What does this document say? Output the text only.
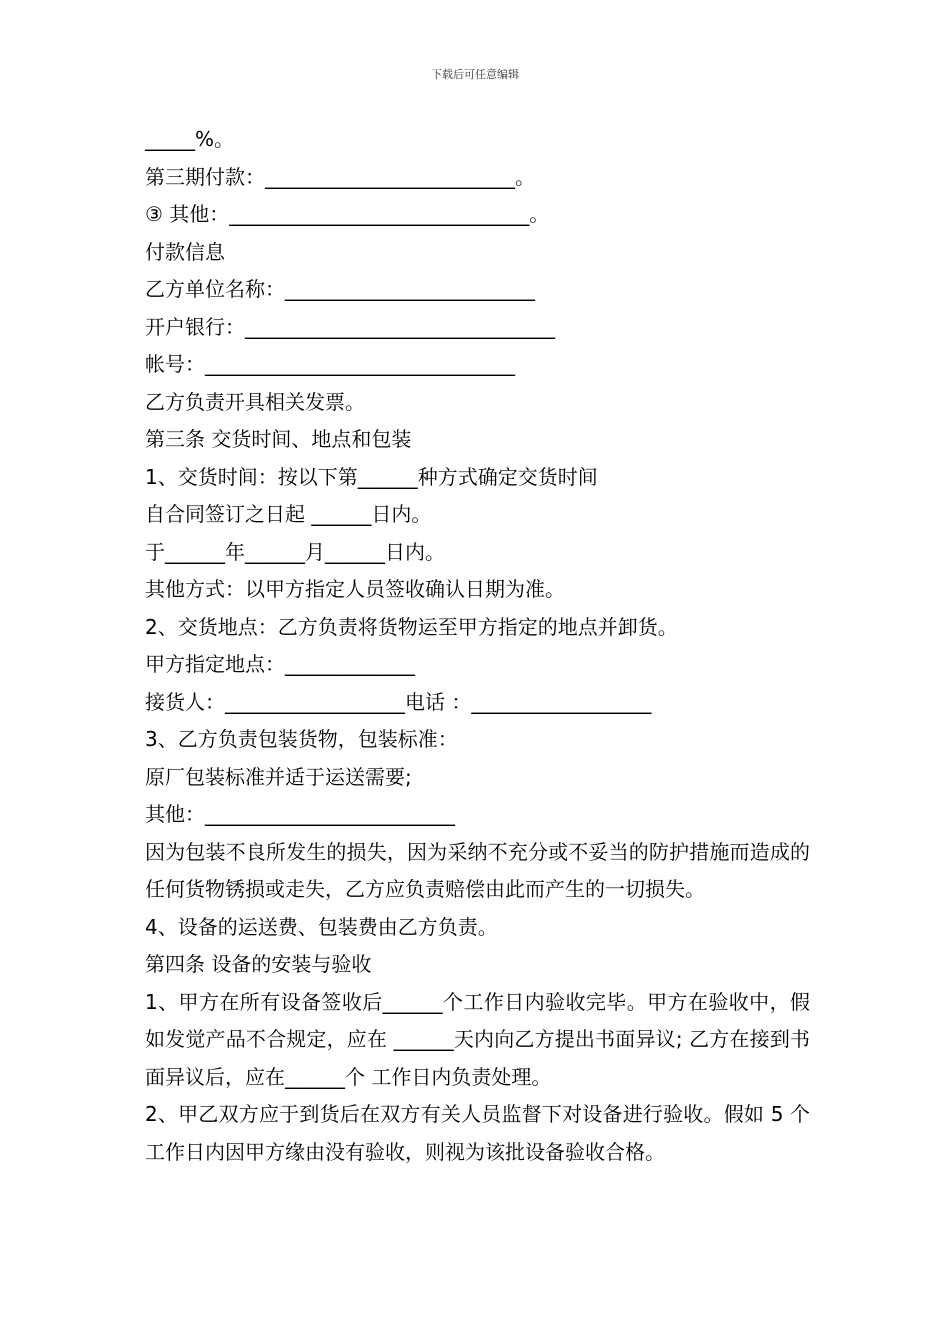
下载后可任意编辑
_____%。
第三期付款：_________________________。
③ 其他：______________________________。
付款信息
乙方单位名称：_________________________
开户银行：_______________________________
帐号：_______________________________
乙方负责开具相关发票。
第三条 交货时间、地点和包装
1、交货时间：按以下第______种方式确定交货时间
自合同签订之日起 ______日内。
于______年______月______日内。
其他方式：以甲方指定人员签收确认日期为准。
2、交货地点：乙方负责将货物运至甲方指定的地点并卸货。
甲方指定地点：_____________
接货人：__________________电话 ：__________________
3、乙方负责包装货物，包装标准：
原厂包装标准并适于运送需要;
其他：_________________________
因为包装不良所发生的损失，因为采纳不充分或不妥当的防护措施而造成的任何货物锈损或走失，乙方应负责赔偿由此而产生的一切损失。
4、设备的运送费、包装费由乙方负责。
第四条 设备的安装与验收
1、甲方在所有设备签收后______个工作日内验收完毕。甲方在验收中，假如发觉产品不合规定，应在 ______天内向乙方提出书面异议; 乙方在接到书面异议后，应在______个 工作日内负责处理。
2、甲乙双方应于到货后在双方有关人员监督下对设备进行验收。假如 5 个工作日内因甲方缘由没有验收，则视为该批设备验收合格。
